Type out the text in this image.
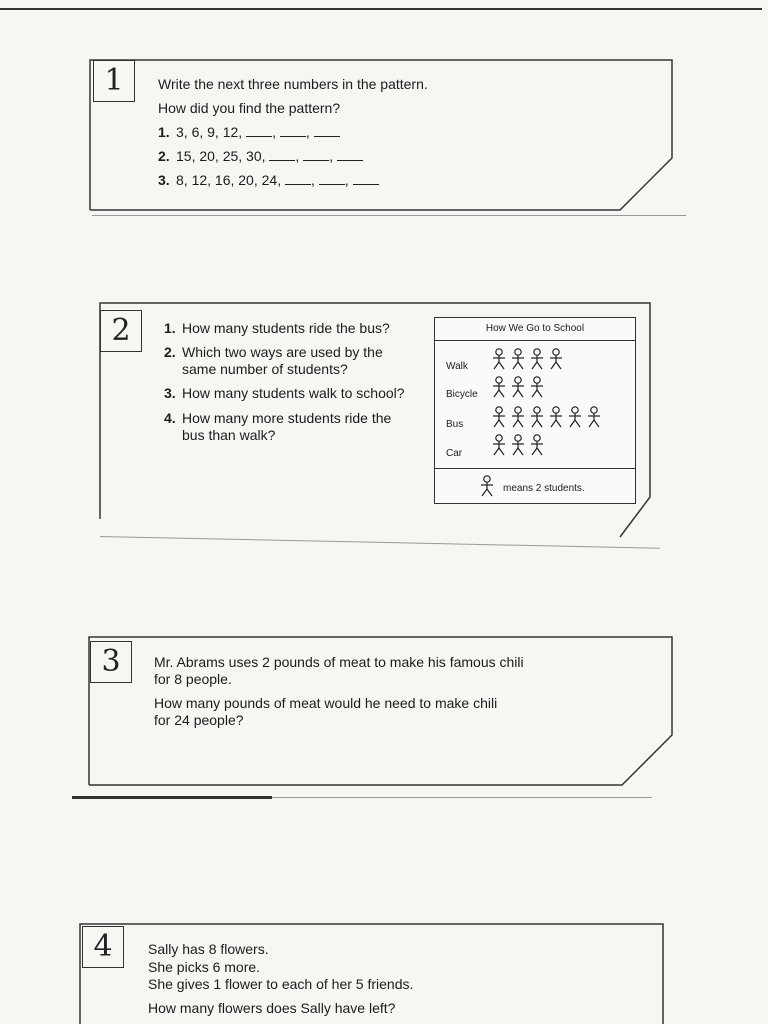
1	Write the next three numbers in the pattern.
How did you find the pattern?
1. 3, 6, 9, 12, , ,
2. 15, 20, 25, 30, , ,
3. 8, 12, 16, 20, 24, , ,
2	1. How many students ride the bus?
2. Which two ways are used by the
same number of students?
3. How many students walk to school?
4. How many more students ride the
bus than walk?
How We Go to School
Walk
Bicycle
Bus
Car
means 2 students.
3	Mr. Abrams uses 2 pounds of meat to make his famous chili
for 8 people.
How many pounds of meat would he need to make chili
for 24 people?
4	Sally has 8 flowers.
She picks 6 more.
She gives 1 flower to each of her 5 friends.
How many flowers does Sally have left?
